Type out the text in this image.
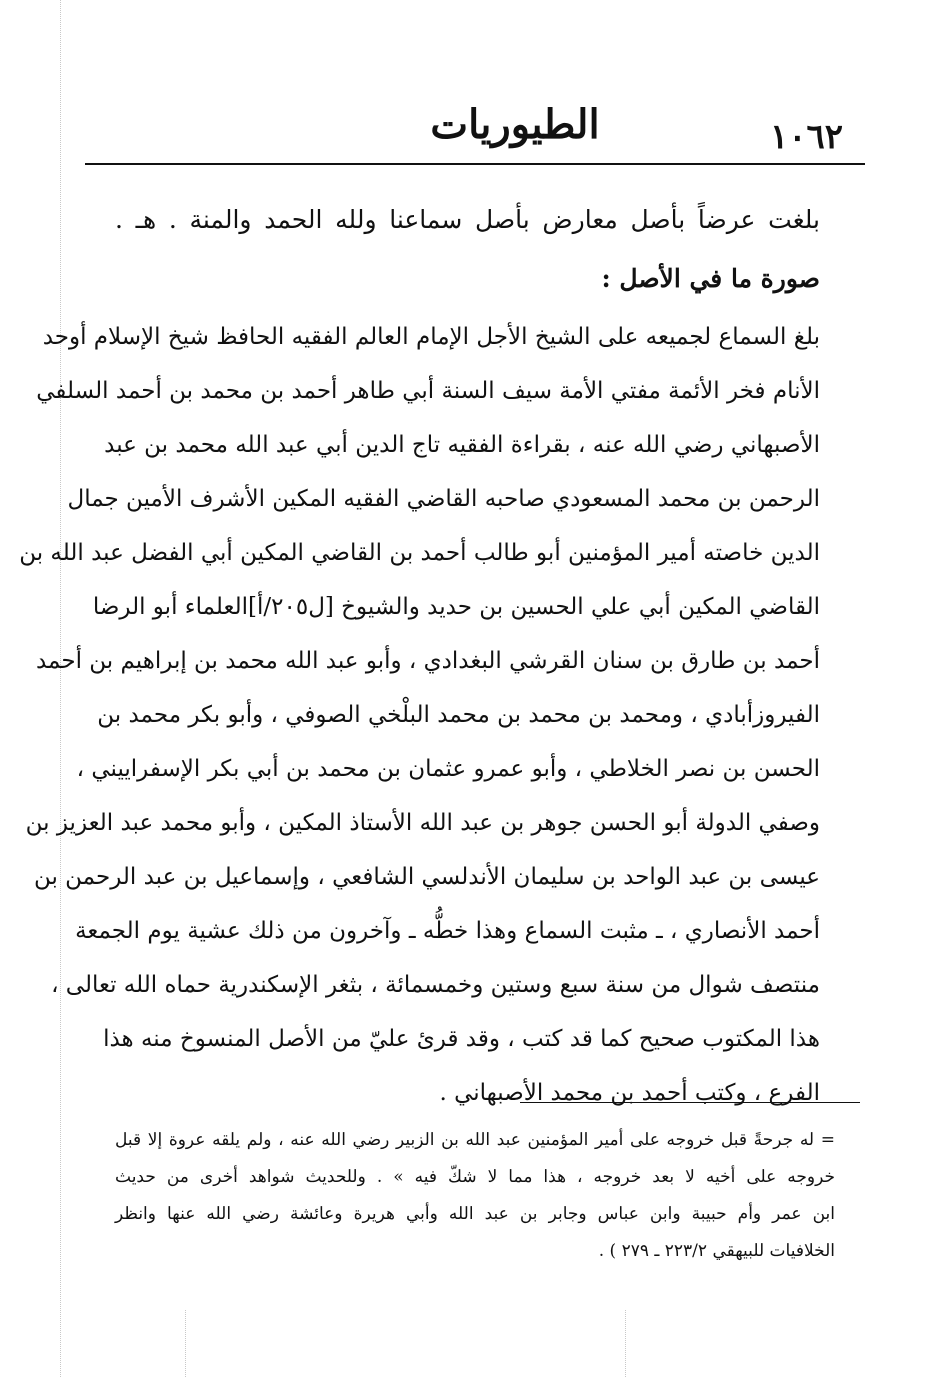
الطيوريات	١٠٦٢
بلغت عرضاً بأصل معارض بأصل سماعنا ولله الحمد والمنة . هـ .
صورة ما في الأصل :
بلغ السماع لجميعه على الشيخ الأجل الإمام العالم الفقيه الحافظ شيخ الإسلام أوحد
الأنام فخر الأئمة مفتي الأمة سيف السنة أبي طاهر أحمد بن محمد بن أحمد السلفي
الأصبهاني رضي الله عنه ، بقراءة الفقيه تاج الدين أبي عبد الله محمد بن عبد
الرحمن بن محمد المسعودي صاحبه القاضي الفقيه المكين الأشرف الأمين جمال
الدين خاصته أمير المؤمنين أبو طالب أحمد بن القاضي المكين أبي الفضل عبد الله بن
القاضي المكين أبي علي الحسين بن حديد والشيوخ [ل٢٠٥/أ]العلماء أبو الرضا
أحمد بن طارق بن سنان القرشي البغدادي ، وأبو عبد الله محمد بن إبراهيم بن أحمد
الفيروزأبادي ، ومحمد بن محمد بن محمد البلْخي الصوفي ، وأبو بكر محمد بن
الحسن بن نصر الخلاطي ، وأبو عمرو عثمان بن محمد بن أبي بكر الإسفراييني ،
وصفي الدولة أبو الحسن جوهر بن عبد الله الأستاذ المكين ، وأبو محمد عبد العزيز بن
عيسى بن عبد الواحد بن سليمان الأندلسي الشافعي ، وإسماعيل بن عبد الرحمن بن
أحمد الأنصاري ، ـ مثبت السماع وهذا خطُّه ـ وآخرون من ذلك عشية يوم الجمعة
منتصف شوال من سنة سبع وستين وخمسمائة ، بثغر الإسكندرية حماه الله تعالى ،
هذا المكتوب صحيح كما قد كتب ، وقد قرئ عليّ من الأصل المنسوخ منه هذا
الفرع ، وكتب أحمد بن محمد الأصبهاني .
= له جرحةً قبل خروجه على أمير المؤمنين عبد الله بن الزبير رضي الله عنه ، ولم يلقه عروة إلا قبل
خروجه على أخيه لا بعد خروجه ، هذا مما لا شكّ فيه » . وللحديث شواهد أخرى من حديث
ابن عمر وأم حبيبة وابن عباس وجابر بن عبد الله وأبي هريرة وعائشة رضي الله عنها وانظر
الخلافيات للبيهقي ٢٢٣/٢ ـ ٢٧٩ ) .
